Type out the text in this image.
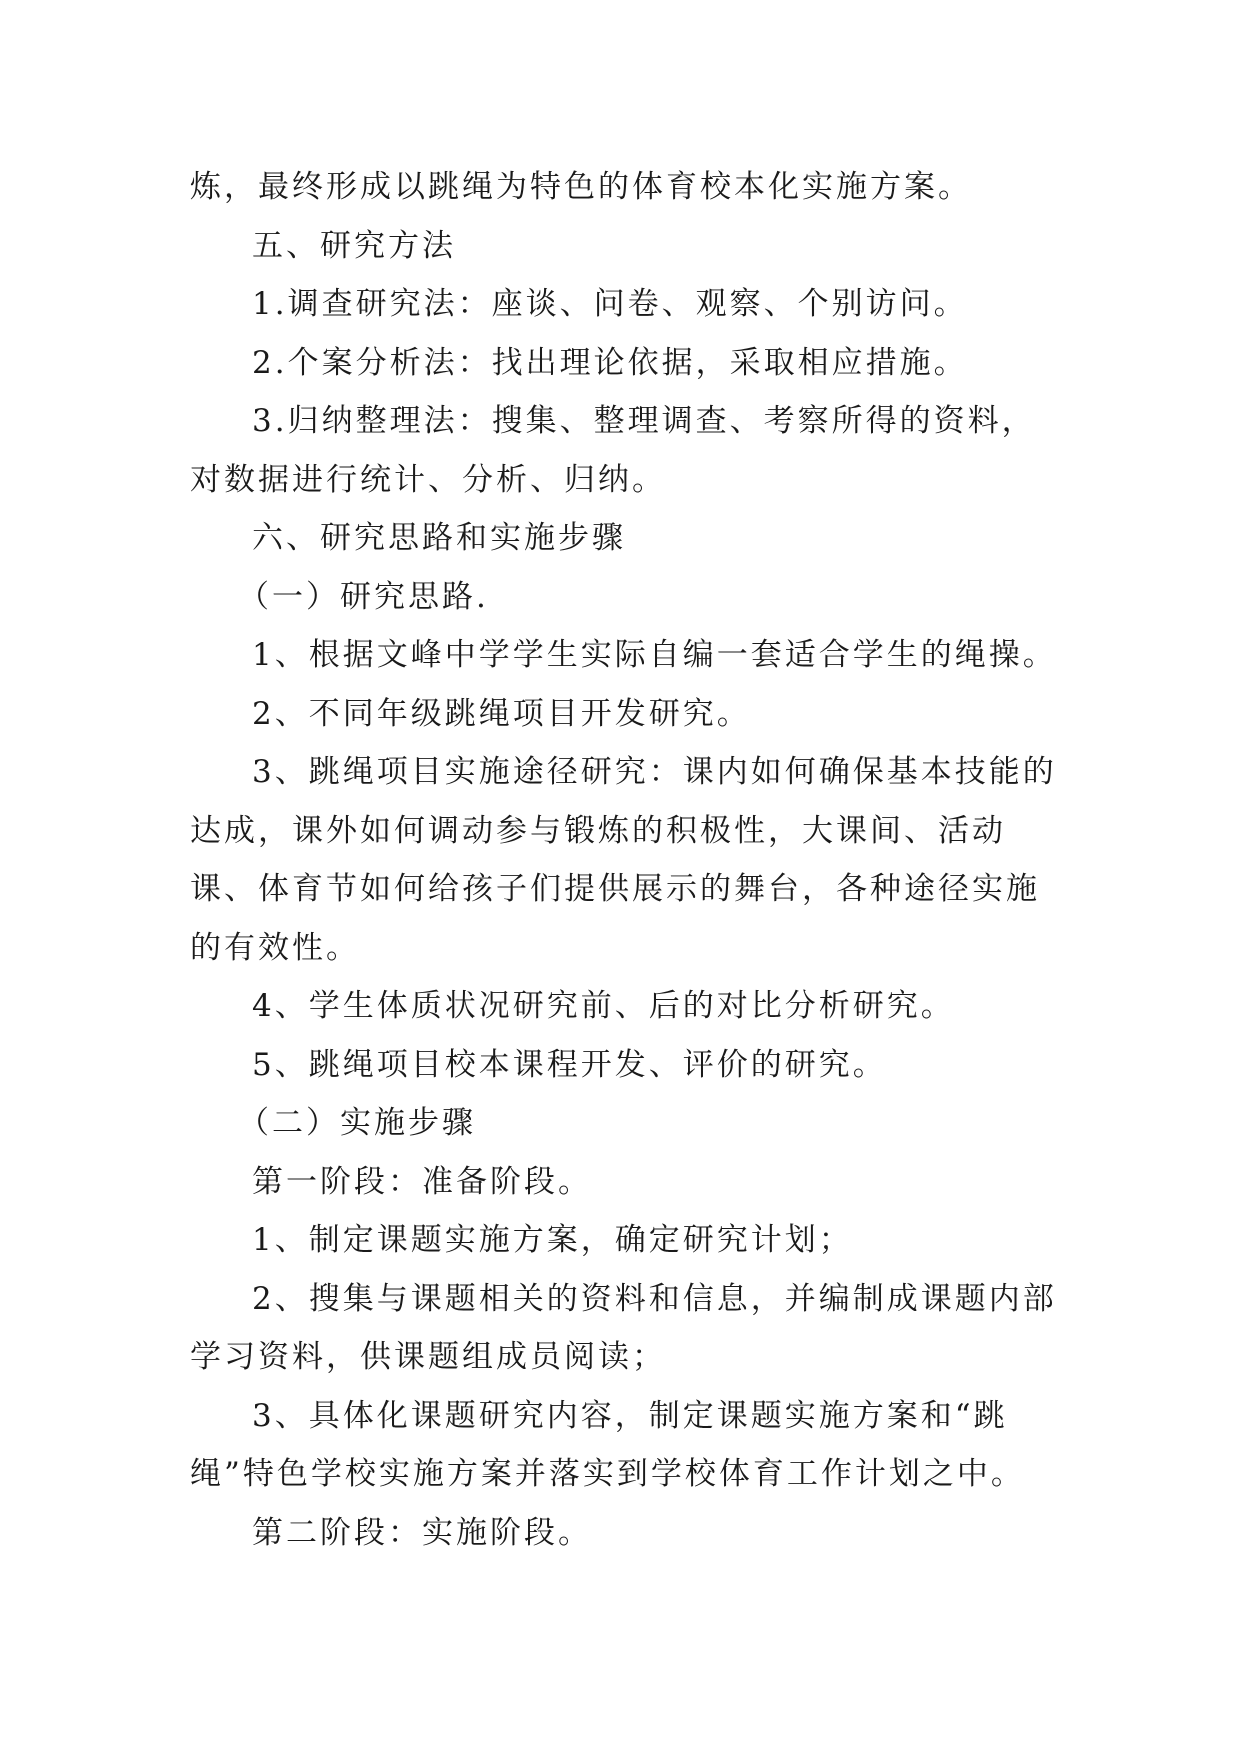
炼，最终形成以跳绳为特色的体育校本化实施方案。

五、研究方法

1.调查研究法：座谈、问卷、观察、个别访问。

2.个案分析法：找出理论依据，采取相应措施。

3.归纳整理法：搜集、整理调查、考察所得的资料，对数据进行统计、分析、归纳。

六、研究思路和实施步骤

（一）研究思路.

1、根据文峰中学学生实际自编一套适合学生的绳操。

2、不同年级跳绳项目开发研究。

3、跳绳项目实施途径研究：课内如何确保基本技能的达成，课外如何调动参与锻炼的积极性，大课间、活动课、体育节如何给孩子们提供展示的舞台，各种途径实施的有效性。

4、学生体质状况研究前、后的对比分析研究。

5、跳绳项目校本课程开发、评价的研究。

（二）实施步骤

第一阶段：准备阶段。

1、制定课题实施方案，确定研究计划；

2、搜集与课题相关的资料和信息，并编制成课题内部学习资料，供课题组成员阅读；

3、具体化课题研究内容，制定课题实施方案和“跳绳”特色学校实施方案并落实到学校体育工作计划之中。

第二阶段：实施阶段。
